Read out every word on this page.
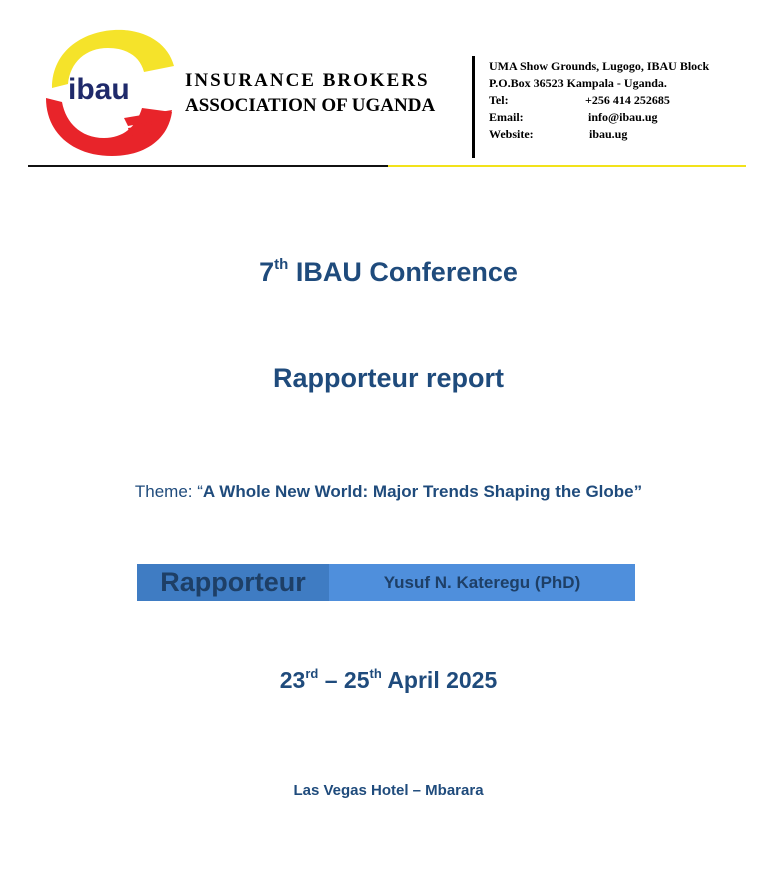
ibau	INSURANCE BROKERS
ASSOCIATION OF UGANDA
UMA Show Grounds, Lugogo, IBAU Block
P.O.Box 36523 Kampala - Uganda.
Tel:	+256 414 252685
Email:	info@ibau.ug
Website:	ibau.ug
7th IBAU Conference
Rapporteur report
Theme: “A Whole New World: Major Trends Shaping the Globe”
Rapporteur	Yusuf N. Kateregu (PhD)
23rd – 25th April 2025
Las Vegas Hotel – Mbarara
